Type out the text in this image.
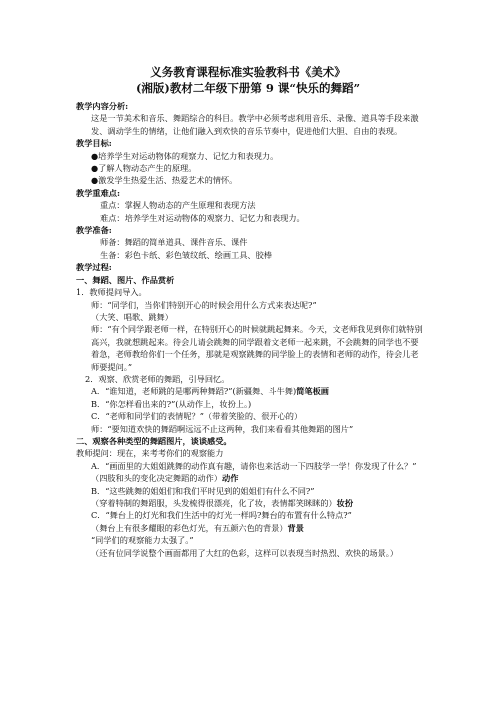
义务教育课程标准实验教科书《美术》
(湘版)教材二年级下册第 9 课“快乐的舞蹈”

教学内容分析:

这是一节美术和音乐、舞蹈综合的科目。教学中必须考虑利用音乐、录像、道具等手段来激发、调动学生的情绪，让他们融入到欢快的音乐节奏中，促进他们大胆、自由的表现。

教学目标:

●培养学生对运动物体的观察力、记忆力和表现力。

●了解人物动态产生的原理。

●激发学生热爱生活、热爱艺术的情怀。

教学重难点:

重点：掌握人物动态的产生原理和表现方法

难点：培养学生对运动物体的观察力、记忆力和表现力。

教学准备:

师备：舞蹈的简单道具、课件音乐、课件

生备：彩色卡纸、彩色皱纹纸、绘画工具、胶棒

教学过程:

一、舞蹈、图片、作品赏析

1．教师提问导入。

师：“同学们，当你们特别开心的时候会用什么方式来表达呢?”

（大笑、唱歌、跳舞）

师：“有个同学跟老师一样，在特别开心的时候就跳起舞来。今天，文老师我见到你们就特别高兴，我就想跳起来。待会儿请会跳舞的同学跟着文老师一起来跳，不会跳舞的同学也不要着急，老师教给你们一个任务，那就是观察跳舞的同学脸上的表情和老师的动作，待会儿老师要提问。”

2．观察、欣赏老师的舞蹈，引导回忆。

A．“谁知道，老师跳的是哪两种舞蹈?”(新疆舞、斗牛舞)简笔板画

B．“你怎样看出来的?”(从动作上，妆扮上。)

C．“老师和同学们的表情呢？”（带着笑脸的、很开心的）

师：“要知道欢快的舞蹈啊远远不止这两种，我们来看看其他舞蹈的图片”

二、观察各种类型的舞蹈图片，谈谈感受。

教师提问：现在，来考考你们的观察能力

A．“画面里的大姐姐跳舞的动作真有趣，请你也来活动一下四肢学一学！你发现了什么？”

（四肢和头的变化决定舞蹈的动作）动作

B．“这些跳舞的姐姐们和我们平时见到的姐姐们有什么不同?”

（穿着特制的舞蹈服，头发梳得很漂亮，化了妆，表情都笑眯眯的）妆扮

C．“舞台上的灯光和我们生活中的灯光一样吗?舞台的布置有什么特点?”

（舞台上有很多耀眼的彩色灯光，有五颜六色的背景）背景

“同学们的观察能力太强了。”

（还有位同学说整个画面都用了大红的色彩，这样可以表现当时热烈、欢快的场景。）
